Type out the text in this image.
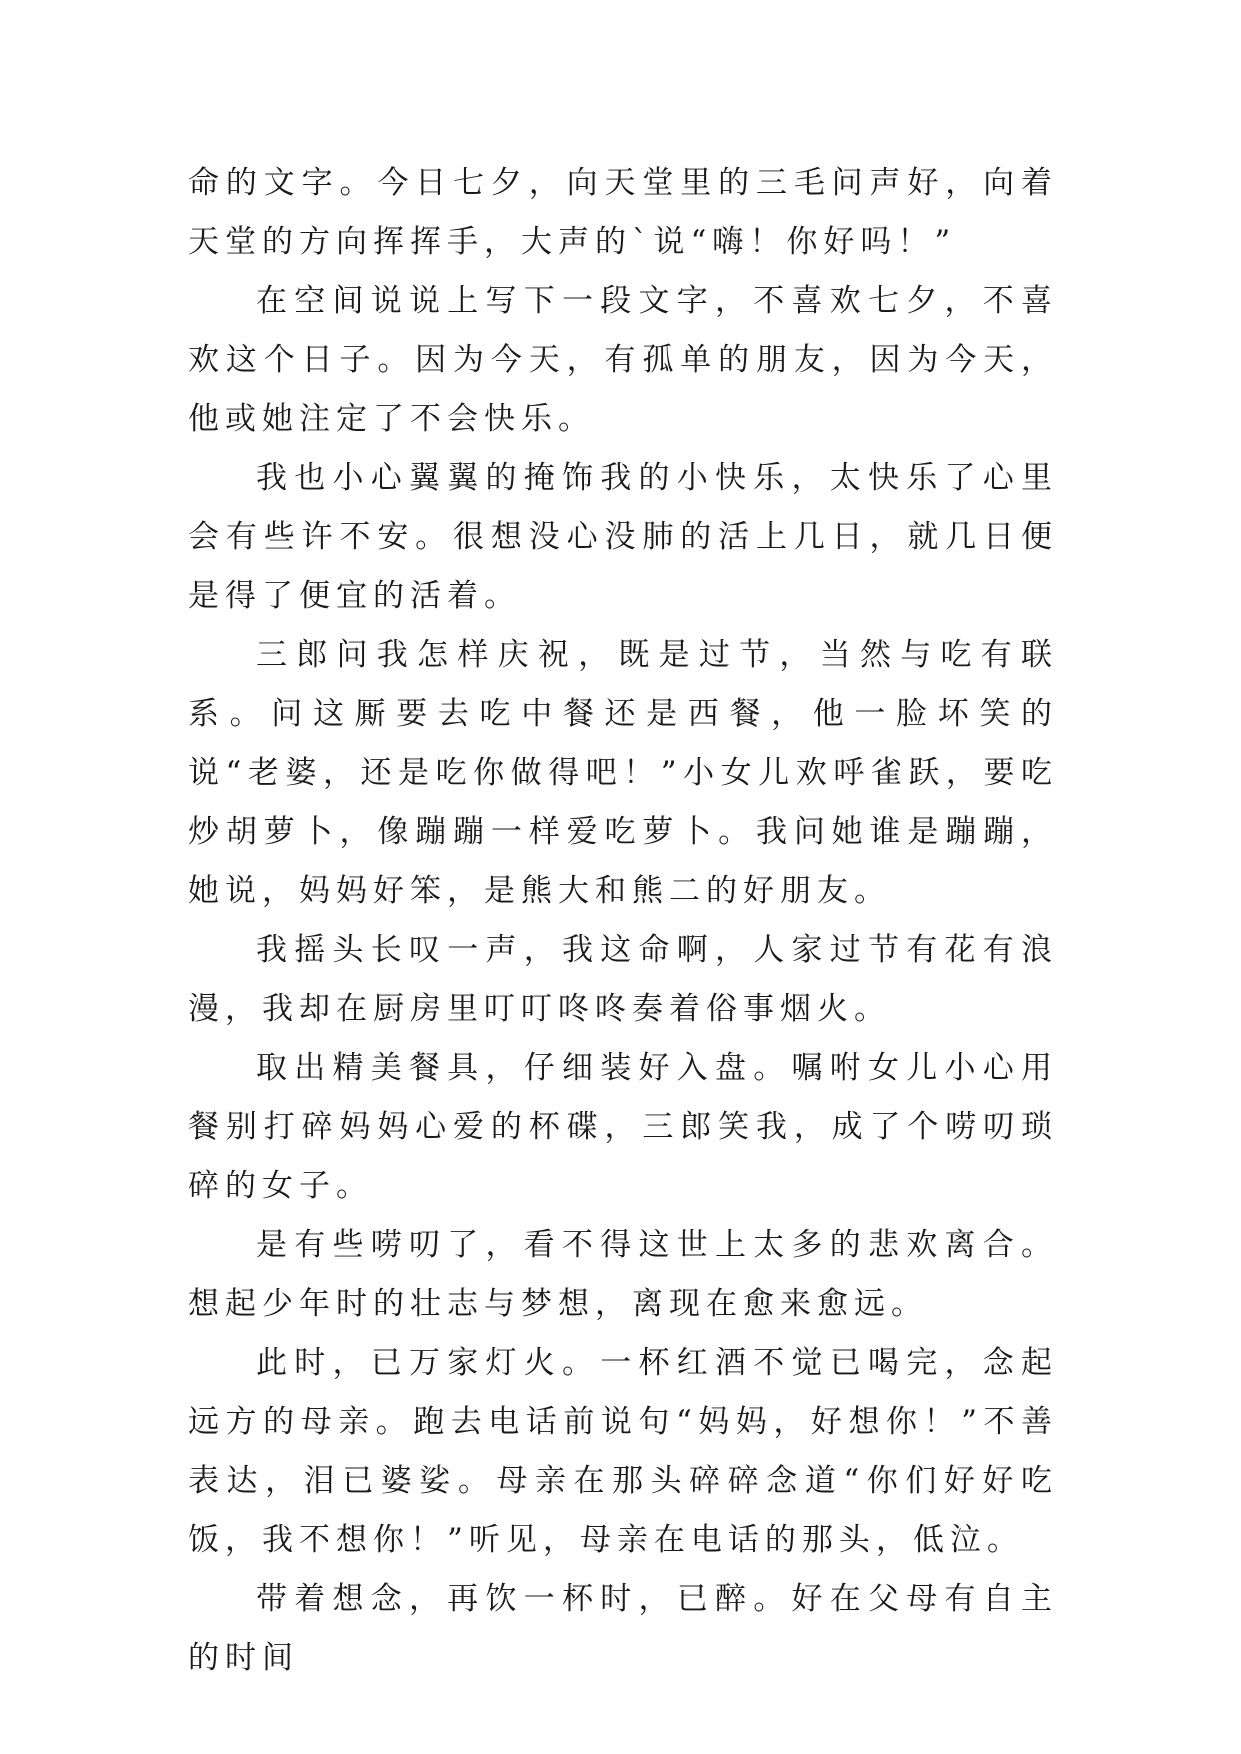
命的文字。今日七夕，向天堂里的三毛问声好，向着天堂的方向挥挥手，大声的`说“嗨！你好吗！”

在空间说说上写下一段文字，不喜欢七夕，不喜欢这个日子。因为今天，有孤单的朋友，因为今天，他或她注定了不会快乐。

我也小心翼翼的掩饰我的小快乐，太快乐了心里会有些许不安。很想没心没肺的活上几日，就几日便是得了便宜的活着。

三郎问我怎样庆祝，既是过节，当然与吃有联系。问这厮要去吃中餐还是西餐，他一脸坏笑的说“老婆，还是吃你做得吧！”小女儿欢呼雀跃，要吃炒胡萝卜，像蹦蹦一样爱吃萝卜。我问她谁是蹦蹦，她说，妈妈好笨，是熊大和熊二的好朋友。

我摇头长叹一声，我这命啊，人家过节有花有浪漫，我却在厨房里叮叮咚咚奏着俗事烟火。

取出精美餐具，仔细装好入盘。嘱咐女儿小心用餐别打碎妈妈心爱的杯碟，三郎笑我，成了个唠叨琐碎的女子。

是有些唠叨了，看不得这世上太多的悲欢离合。想起少年时的壮志与梦想，离现在愈来愈远。

此时，已万家灯火。一杯红酒不觉已喝完，念起远方的母亲。跑去电话前说句“妈妈，好想你！”不善表达，泪已婆娑。母亲在那头碎碎念道“你们好好吃饭，我不想你！”听见，母亲在电话的那头，低泣。

带着想念，再饮一杯时，已醉。好在父母有自主的时间
